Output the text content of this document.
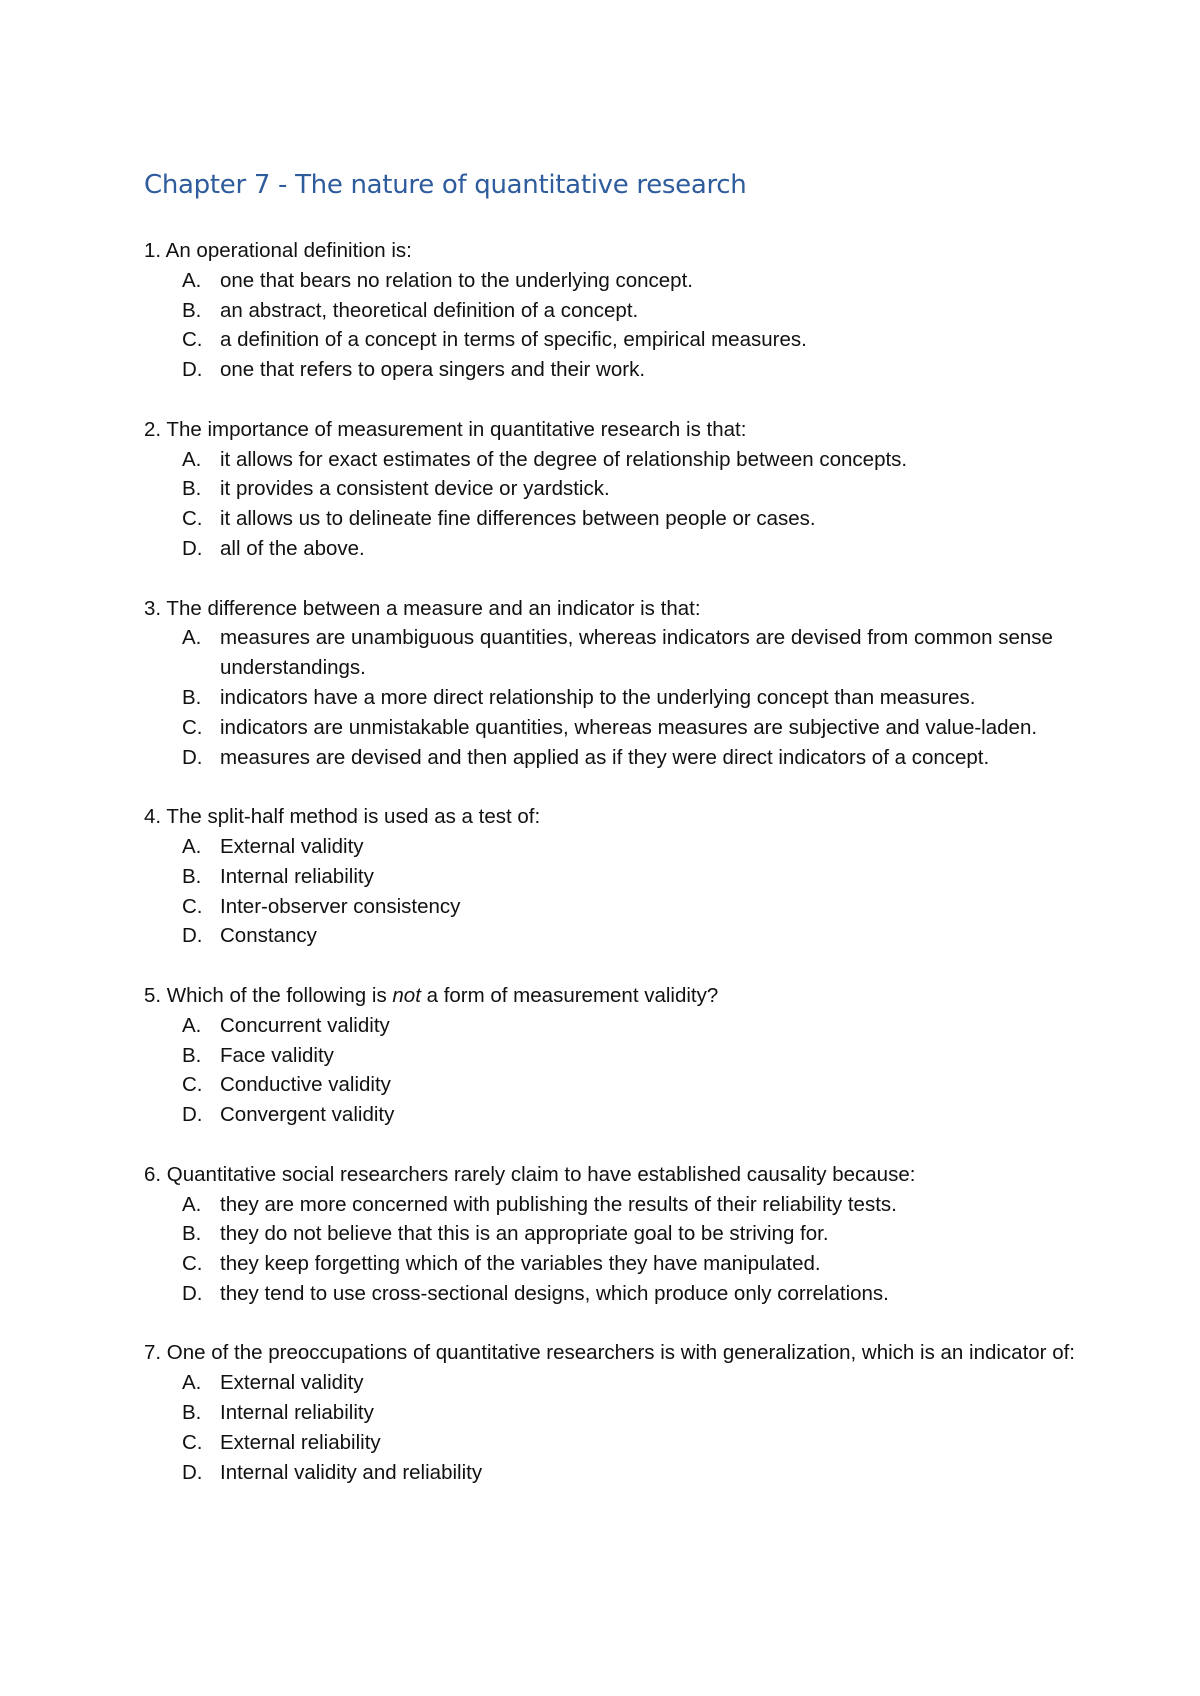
Chapter 7 - The nature of quantitative research

1. An operational definition is:

A. one that bears no relation to the underlying concept.
B. an abstract, theoretical definition of a concept.
C. a definition of a concept in terms of specific, empirical measures.
D. one that refers to opera singers and their work.

2. The importance of measurement in quantitative research is that:

A. it allows for exact estimates of the degree of relationship between concepts.
B. it provides a consistent device or yardstick.
C. it allows us to delineate fine differences between people or cases.
D. all of the above.

3. The difference between a measure and an indicator is that:

A. measures are unambiguous quantities, whereas indicators are devised from common sense understandings.
B. indicators have a more direct relationship to the underlying concept than measures.
C. indicators are unmistakable quantities, whereas measures are subjective and value-laden.
D. measures are devised and then applied as if they were direct indicators of a concept.

4. The split-half method is used as a test of:

A. External validity
B. Internal reliability
C. Inter-observer consistency
D. Constancy

5. Which of the following is not a form of measurement validity?

A. Concurrent validity
B. Face validity
C. Conductive validity
D. Convergent validity

6. Quantitative social researchers rarely claim to have established causality because:

A. they are more concerned with publishing the results of their reliability tests.
B. they do not believe that this is an appropriate goal to be striving for.
C. they keep forgetting which of the variables they have manipulated.
D. they tend to use cross-sectional designs, which produce only correlations.

7. One of the preoccupations of quantitative researchers is with generalization, which is an indicator of:

A. External validity
B. Internal reliability
C. External reliability
D. Internal validity and reliability
